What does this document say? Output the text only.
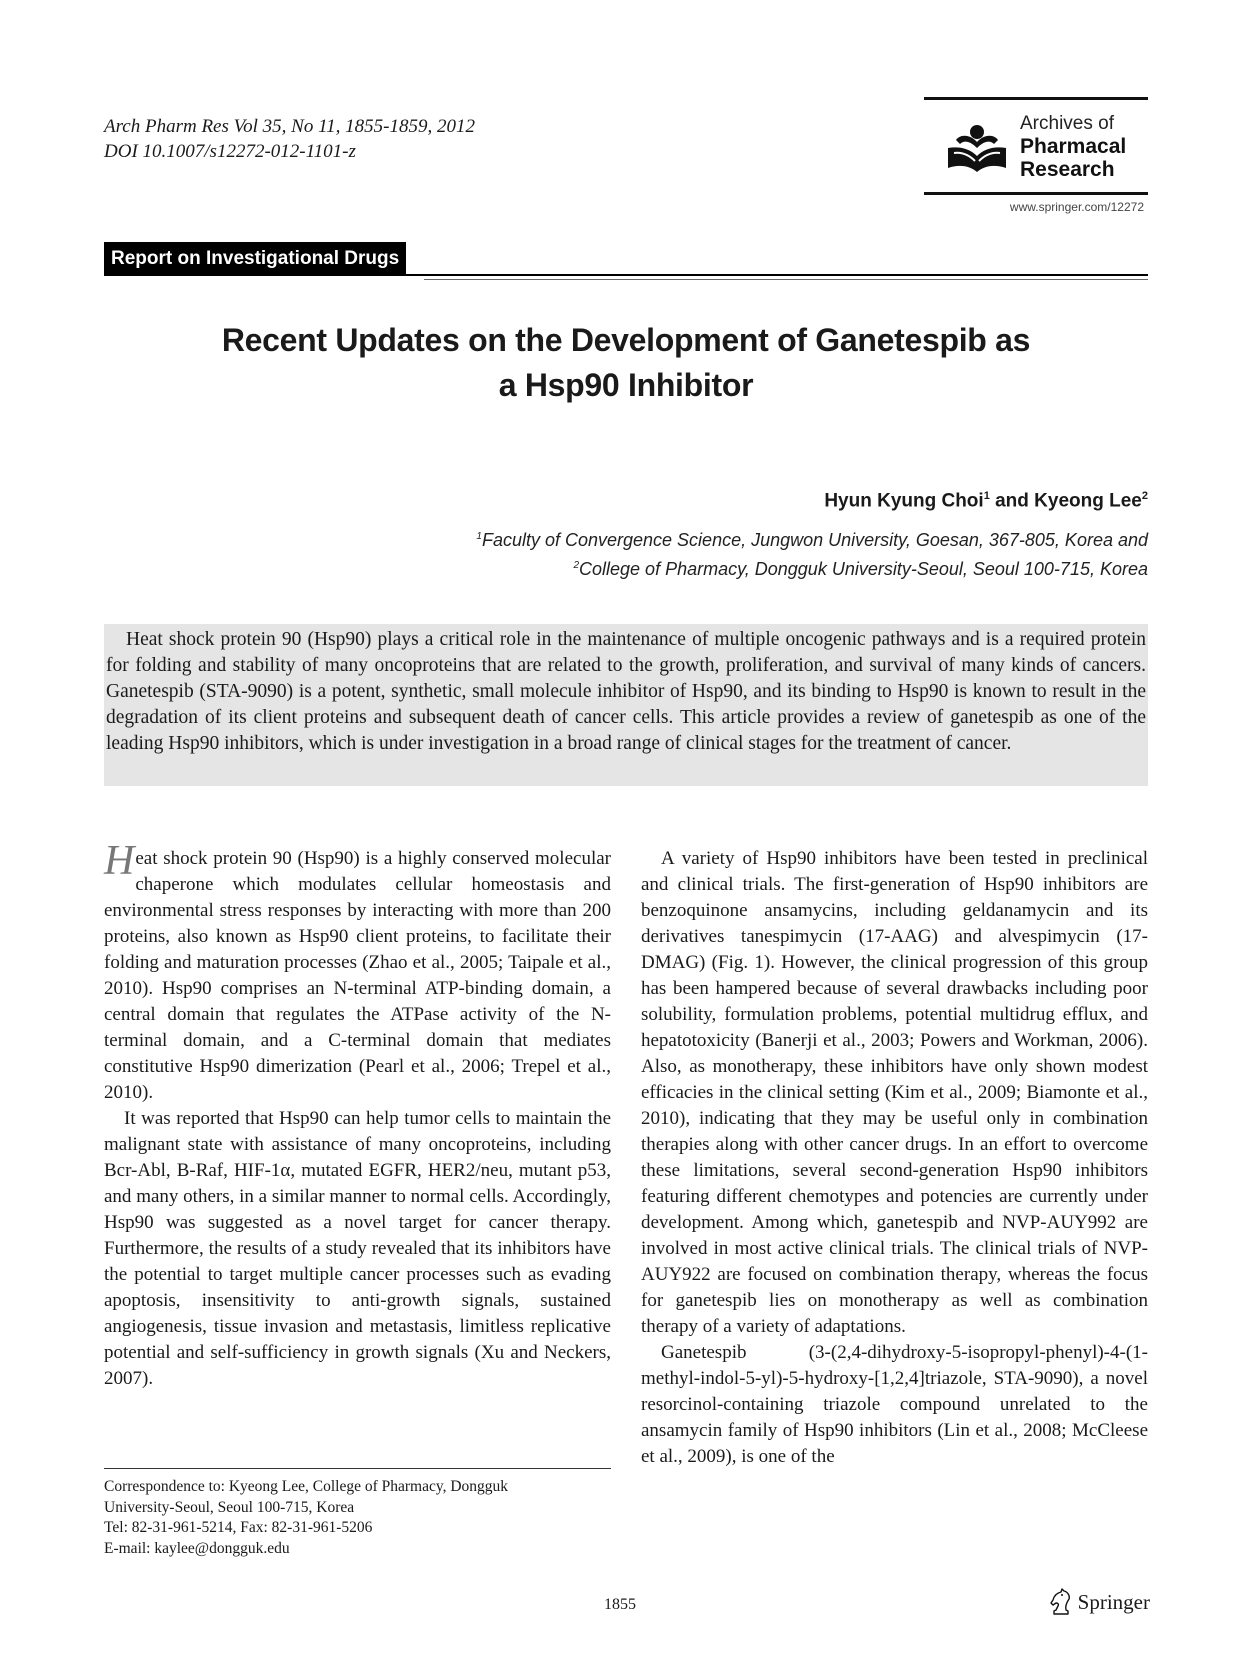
Arch Pharm Res Vol 35, No 11, 1855-1859, 2012
DOI 10.1007/s12272-012-1101-z
Archives of
Pharmacal
Research
www.springer.com/12272
Report on Investigational Drugs
Recent Updates on the Development of Ganetespib as
a Hsp90 Inhibitor
Hyun Kyung Choi$^1$ and Kyeong Lee$^2$
$^1$Faculty of Convergence Science, Jungwon University, Goesan, 367-805, Korea and
$^2$College of Pharmacy, Dongguk University-Seoul, Seoul 100-715, Korea

Heat shock protein 90 (Hsp90) plays a critical role in the maintenance of multiple oncogenic pathways and is a required protein for folding and stability of many oncoproteins that are related to the growth, proliferation, and survival of many kinds of cancers. Ganetespib (STA-9090) is a potent, synthetic, small molecule inhibitor of Hsp90, and its binding to Hsp90 is known to result in the degradation of its client proteins and subsequent death of cancer cells. This article provides a review of ganetespib as one of the leading Hsp90 inhibitors, which is under investigation in a broad range of clinical stages for the treatment of cancer.

Heat shock protein 90 (Hsp90) is a highly conserved molecular chaperone which modulates cellular homeostasis and environmental stress responses by interacting with more than 200 proteins, also known as Hsp90 client proteins, to facilitate their folding and maturation processes (Zhao et al., 2005; Taipale et al., 2010). Hsp90 comprises an N-terminal ATP-binding domain, a central domain that regulates the ATPase activity of the N-terminal domain, and a C-terminal domain that mediates constitutive Hsp90 dimerization (Pearl et al., 2006; Trepel et al., 2010).

It was reported that Hsp90 can help tumor cells to maintain the malignant state with assistance of many oncoproteins, including Bcr-Abl, B-Raf, HIF-1α, mutated EGFR, HER2/neu, mutant p53, and many others, in a similar manner to normal cells. Accordingly, Hsp90 was suggested as a novel target for cancer therapy. Furthermore, the results of a study revealed that its inhibitors have the potential to target multiple cancer processes such as evading apoptosis, insensitivity to anti-growth signals, sustained angiogenesis, tissue invasion and metastasis, limitless replicative potential and self-sufficiency in growth signals (Xu and Neckers, 2007).

A variety of Hsp90 inhibitors have been tested in preclinical and clinical trials. The first-generation of Hsp90 inhibitors are benzoquinone ansamycins, including geldanamycin and its derivatives tanespimycin (17-AAG) and alvespimycin (17-DMAG) (Fig. 1). However, the clinical progression of this group has been hampered because of several drawbacks including poor solubility, formulation problems, potential multidrug efflux, and hepatotoxicity (Banerji et al., 2003; Powers and Workman, 2006). Also, as monotherapy, these inhibitors have only shown modest efficacies in the clinical setting (Kim et al., 2009; Biamonte et al., 2010), indicating that they may be useful only in combination therapies along with other cancer drugs. In an effort to overcome these limitations, several second-generation Hsp90 inhibitors featuring different chemotypes and potencies are currently under development. Among which, ganetespib and NVP-AUY992 are involved in most active clinical trials. The clinical trials of NVP-AUY922 are focused on combination therapy, whereas the focus for ganetespib lies on monotherapy as well as combination therapy of a variety of adaptations.

Ganetespib (3-(2,4-dihydroxy-5-isopropyl-phenyl)-4-(1-methyl-indol-5-yl)-5-hydroxy-[1,2,4]triazole, STA-9090), a novel resorcinol-containing triazole compound unrelated to the ansamycin family of Hsp90 inhibitors (Lin et al., 2008; McCleese et al., 2009), is one of the

Correspondence to: Kyeong Lee, College of Pharmacy, Dongguk
University-Seoul, Seoul 100-715, Korea
Tel: 82-31-961-5214, Fax: 82-31-961-5206
E-mail: kaylee@dongguk.edu
1855	Springer
